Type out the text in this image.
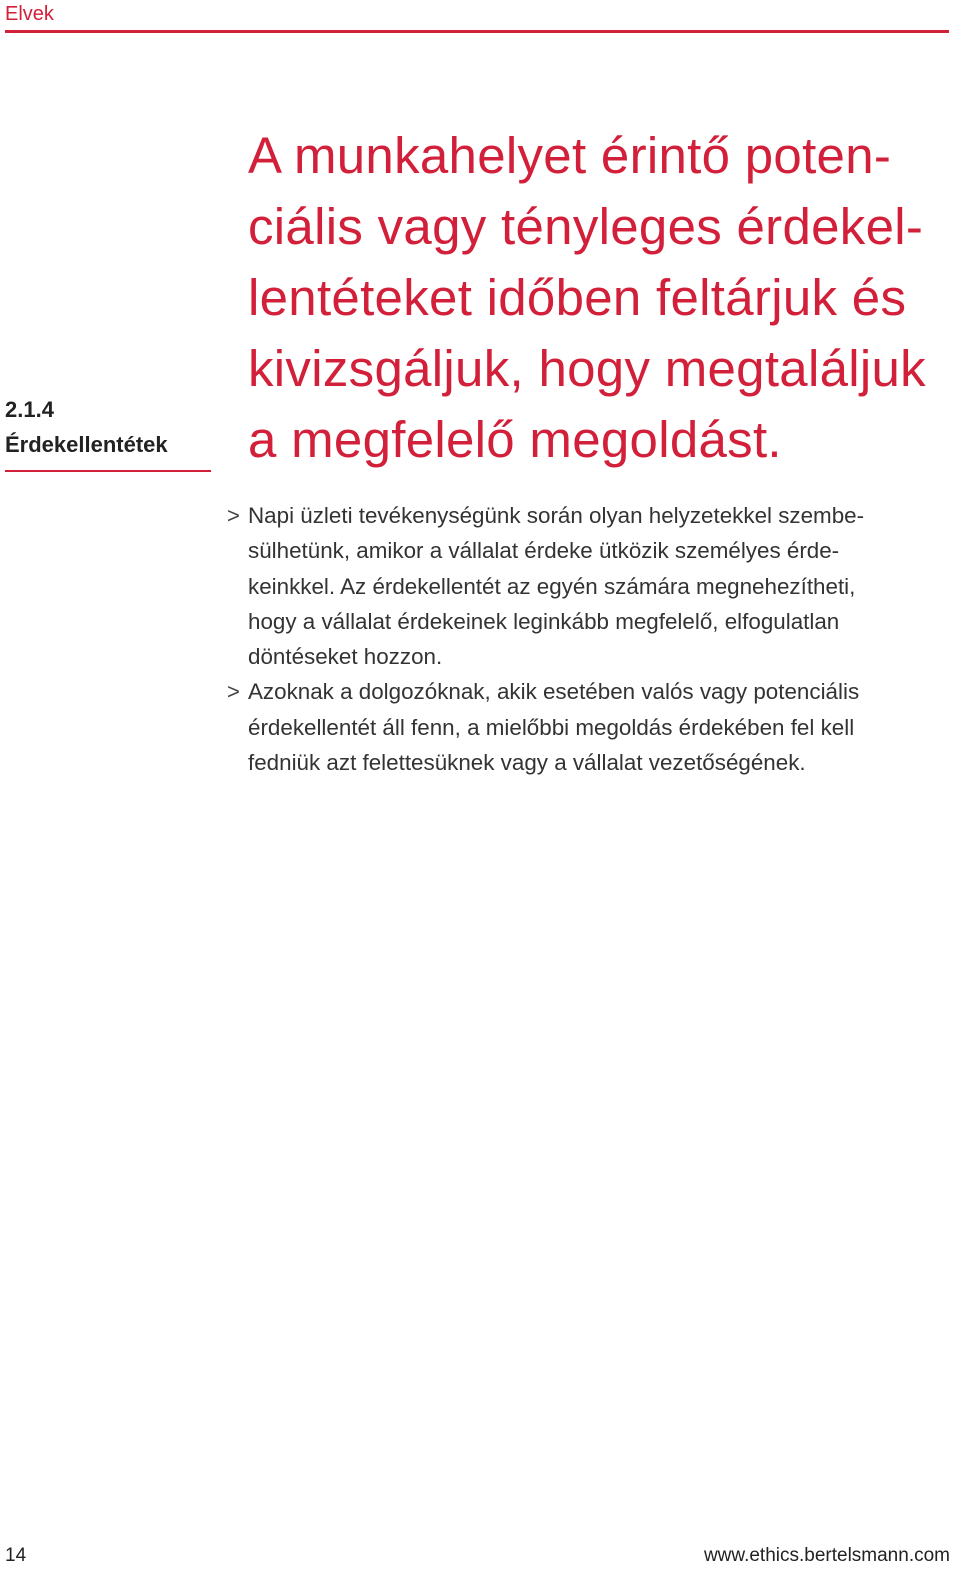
Elvek
2.1.4
Érdekellentétek
A munkahelyet érintő poten-
ciális vagy tényleges érdekel-
lentéteket időben feltárjuk és
kivizsgáljuk, hogy megtaláljuk
a megfelelő megoldást.
> Napi üzleti tevékenységünk során olyan helyzetekkel szembe-
sülhetünk, amikor a vállalat érdeke ütközik személyes érde-
keinkkel. Az érdekellentét az egyén számára megnehezítheti,
hogy a vállalat érdekeinek leginkább megfelelő, elfogulatlan
döntéseket hozzon.
> Azoknak a dolgozóknak, akik esetében valós vagy potenciális
érdekellentét áll fenn, a mielőbbi megoldás érdekében fel kell
fedniük azt felettesüknek vagy a vállalat vezetőségének.
14	www.ethics.bertelsmann.com
